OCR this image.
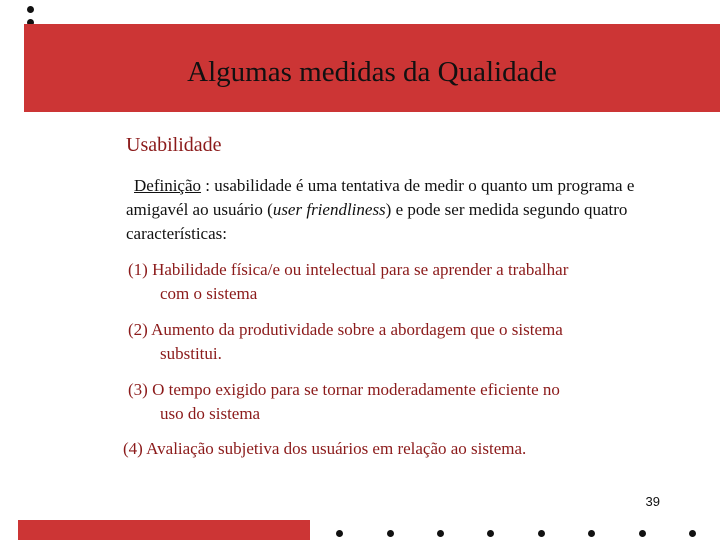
Algumas medidas da Qualidade
Usabilidade
Definição : usabilidade é uma tentativa de medir o quanto um programa e amigavél ao usuário (user friendliness) e pode ser medida segundo quatro características:
(1) Habilidade física/e ou intelectual para se aprender a trabalhar
com o sistema
(2) Aumento da produtividade sobre a abordagem que o sistema
substitui.
(3) O tempo exigido para se tornar moderadamente eficiente no
uso do sistema
(4) Avaliação subjetiva dos usuários em relação ao sistema.
39
